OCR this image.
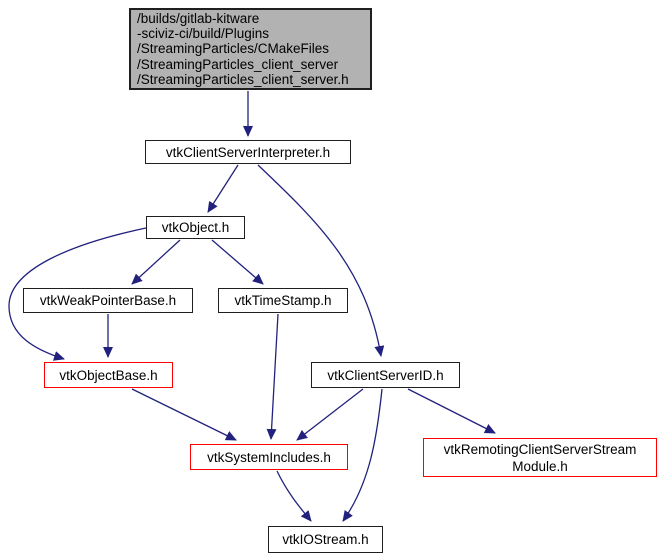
/builds/gitlab-kitware
-sciviz-ci/build/Plugins
/StreamingParticles/CMakeFiles
/StreamingParticles_client_server
/StreamingParticles_client_server.h
vtkClientServerInterpreter.h
vtkObject.h
vtkWeakPointerBase.h	vtkTimeStamp.h
vtkObjectBase.h	vtkClientServerID.h
vtkSystemIncludes.h
vtkRemotingClientServerStream
Module.h
vtkIOStream.h
